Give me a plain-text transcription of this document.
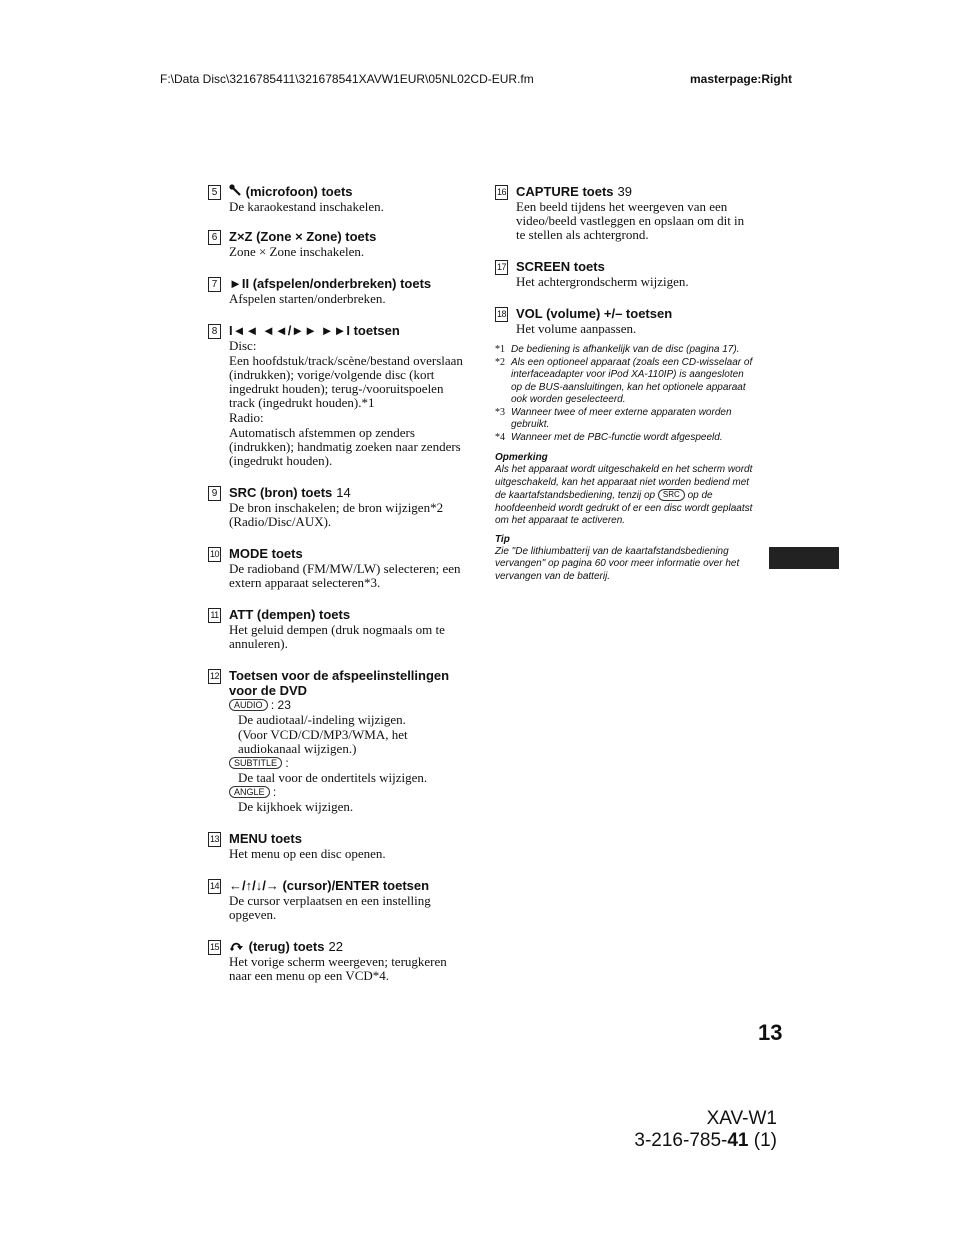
F:\Data Disc\3216785411\321678541XAVW1EUR\05NL02CD-EUR.fm	masterpage:Right
5	(microfoon) toets
De karaokestand inschakelen.
6 Z×Z (Zone × Zone) toets
Zone × Zone inschakelen.
7 ►II (afspelen/onderbreken) toets
Afspelen starten/onderbreken.
8 I◄◄ ◄◄/►► ►►I toetsen
Disc:
Een hoofdstuk/track/scène/bestand overslaan (indrukken); vorige/volgende disc (kort ingedrukt houden); terug-/vooruitspoelen track (ingedrukt houden).*1
Radio:
Automatisch afstemmen op zenders (indrukken); handmatig zoeken naar zenders (ingedrukt houden).
9 SRC (bron) toets 14
De bron inschakelen; de bron wijzigen*2 (Radio/Disc/AUX).
10 MODE toets
De radioband (FM/MW/LW) selecteren; een extern apparaat selecteren*3.
11 ATT (dempen) toets
Het geluid dempen (druk nogmaals om te annuleren).
12 Toetsen voor de afspeelinstellingen voor de DVD
AUDIO : 23
De audiotaal/-indeling wijzigen.
(Voor VCD/CD/MP3/WMA, het audiokanaal wijzigen.)
SUBTITLE :
De taal voor de ondertitels wijzigen.
ANGLE :
De kijkhoek wijzigen.
13 MENU toets
Het menu op een disc openen.
14 ←/↑/↓/→ (cursor)/ENTER toetsen
De cursor verplaatsen en een instelling opgeven.
15	(terug) toets 22
Het vorige scherm weergeven; terugkeren naar een menu op een VCD*4.
16 CAPTURE toets 39
Een beeld tijdens het weergeven van een video/beeld vastleggen en opslaan om dit in te stellen als achtergrond.
17 SCREEN toets
Het achtergrondscherm wijzigen.
18 VOL (volume) +/– toetsen
Het volume aanpassen.
*1 De bediening is afhankelijk van de disc (pagina 17).
*2 Als een optioneel apparaat (zoals een CD-wisselaar of interfaceadapter voor iPod XA-110IP) is aangesloten op de BUS-aansluitingen, kan het optionele apparaat ook worden geselecteerd.
*3 Wanneer twee of meer externe apparaten worden gebruikt.
*4 Wanneer met de PBC-functie wordt afgespeeld.
Opmerking
Als het apparaat wordt uitgeschakeld en het scherm wordt uitgeschakeld, kan het apparaat niet worden bediend met de kaartafstandsbediening, tenzij op SRC op de hoofdeenheid wordt gedrukt of er een disc wordt geplaatst om het apparaat te activeren.
Tip
Zie "De lithiumbatterij van de kaartafstandsbediening vervangen" op pagina 60 voor meer informatie over het vervangen van de batterij.
13
XAV-W1
3-216-785-41 (1)
